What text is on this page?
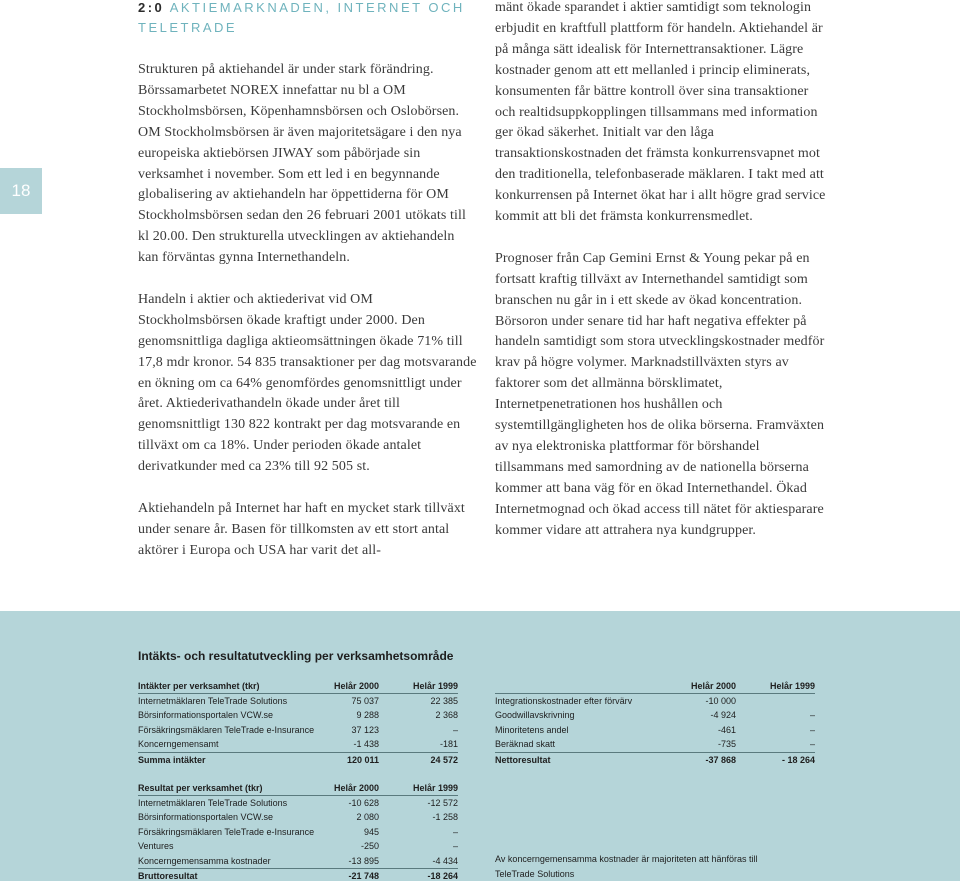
18
2:0 AKTIEMARKNADEN, INTERNET OCH TELETRADE

Strukturen på aktiehandel är under stark förändring. Börssamarbetet NOREX innefattar nu bl a OM Stockholmsbörsen, Köpenhamnsbörsen och Oslobörsen. OM Stockholmsbörsen är även majoritetsägare i den nya europeiska aktiebörsen JIWAY som påbörjade sin verksamhet i november. Som ett led i en begynnande globalisering av aktiehandeln har öppettiderna för OM Stockholmsbörsen sedan den 26 februari 2001 utökats till kl 20.00. Den strukturella utvecklingen av aktiehandeln kan förväntas gynna Internethandeln.

Handeln i aktier och aktiederivat vid OM Stockholmsbörsen ökade kraftigt under 2000. Den genomsnittliga dagliga aktieomsättningen ökade 71% till 17,8 mdr kronor. 54 835 transaktioner per dag motsvarande en ökning om ca 64% genomfördes genomsnittligt under året. Aktiederivathandeln ökade under året till genomsnittligt 130 822 kontrakt per dag motsvarande en tillväxt om ca 18%. Under perioden ökade antalet derivatkunder med ca 23% till 92 505 st.

Aktiehandeln på Internet har haft en mycket stark tillväxt under senare år. Basen för tillkomsten av ett stort antal aktörer i Europa och USA har varit det all-

mänt ökade sparandet i aktier samtidigt som teknologin erbjudit en kraftfull plattform för handeln. Aktiehandel är på många sätt idealisk för Internettransaktioner. Lägre kostnader genom att ett mellanled i princip eliminerats, konsumenten får bättre kontroll över sina transaktioner och realtidsuppkopplingen tillsammans med information ger ökad säkerhet. Initialt var den låga transaktionskostnaden det främsta konkurrensvapnet mot den traditionella, telefonbaserade mäklaren. I takt med att konkurrensen på Internet ökat har i allt högre grad service kommit att bli det främsta konkurrensmedlet.

Prognoser från Cap Gemini Ernst & Young pekar på en fortsatt kraftig tillväxt av Internethandel samtidigt som branschen nu går in i ett skede av ökad koncentration. Börsoron under senare tid har haft negativa effekter på handeln samtidigt som stora utvecklingskostnader medför krav på högre volymer. Marknadstillväxten styrs av faktorer som det allmänna börsklimatet, Internetpenetrationen hos hushållen och systemtillgängligheten hos de olika börserna. Framväxten av nya elektroniska plattformar för börshandel tillsammans med samordning av de nationella börserna kommer att bana väg för en ökad Internethandel. Ökad Internetmognad och ökad access till nätet för aktiesparare kommer vidare att attrahera nya kundgrupper.

Intäkts- och resultatutveckling per verksamhetsområde
Intäkter per verksamhet (tkr)	Helår 2000	Helår 1999
Internetmäklaren TeleTrade Solutions	75 037	22 385
Börsinformationsportalen VCW.se	9 288	2 368
Försäkringsmäklaren TeleTrade e-Insurance	37 123	–
Koncerngemensamt	-1 438	-181
Summa intäkter	120 011	24 572
Resultat per verksamhet (tkr)	Helår 2000	Helår 1999
Internetmäklaren TeleTrade Solutions	-10 628	-12 572
Börsinformationsportalen VCW.se	2 080	-1 258
Försäkringsmäklaren TeleTrade e-Insurance	945	–
Ventures	-250	–
Koncerngemensamma kostnader	-13 895	-4 434
Bruttoresultat	-21 748	-18 264
Helår 2000	Helår 1999
Integrationskostnader efter förvärv	-10 000
Goodwillavskrivning	-4 924	–
Minoritetens andel	-461	–
Beräknad skatt	-735	–
Nettoresultat	-37 868	- 18 264
Av koncerngemensamma kostnader är majoriteten att hänföras till TeleTrade Solutions
